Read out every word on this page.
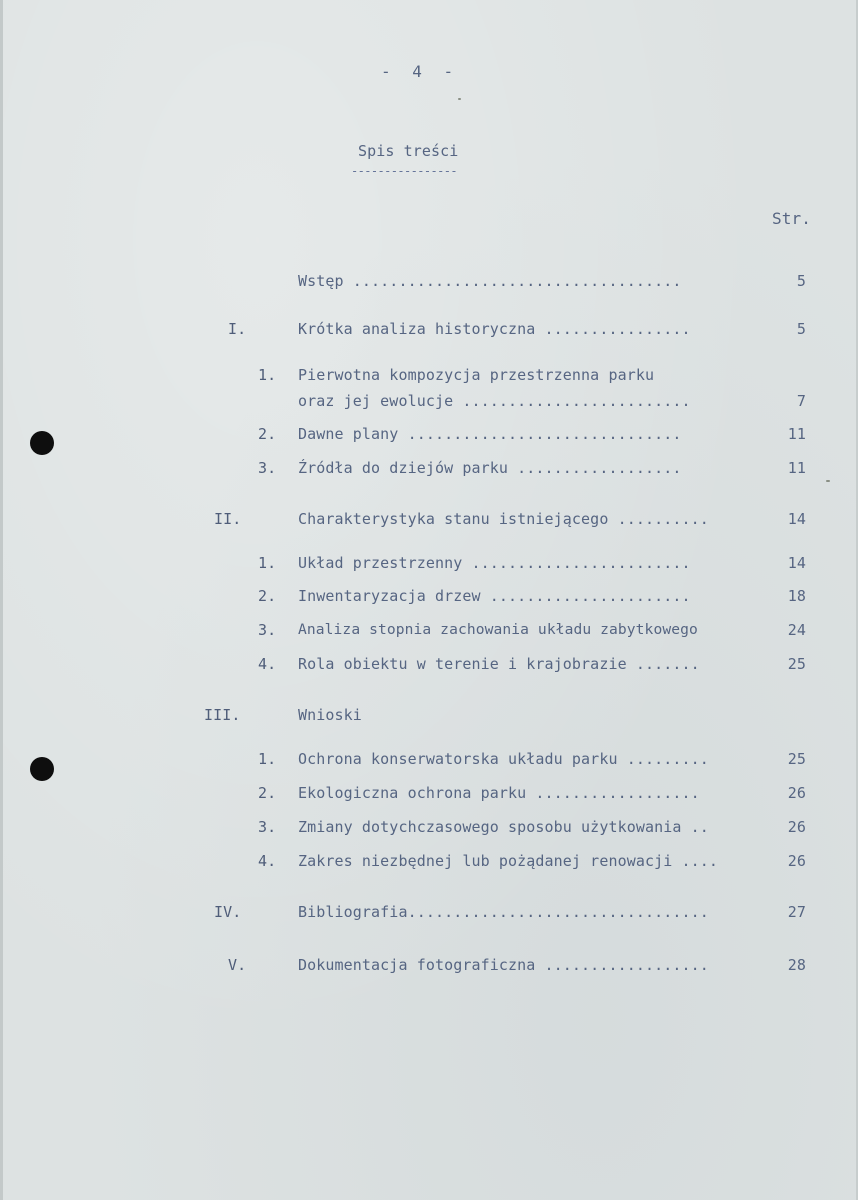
- 4 -
Spis treści
----------------
Str.
Wstęp ....................................	5
I.	Krótka analiza historyczna ................	5
1. Pierwotna kompozycja przestrzenna parku
oraz jej ewolucje .........................	7
2. Dawne plany ..............................	11
3. Źródła do dziejów parku ..................	11
II.	Charakterystyka stanu istniejącego ..........	14
1. Układ przestrzenny ........................	14
2. Inwentaryzacja drzew ......................	18
3. Analiza stopnia zachowania układu zabytkowego	24
4. Rola obiektu w terenie i krajobrazie .......	25
III.	Wnioski
1. Ochrona konserwatorska układu parku .........	25
2. Ekologiczna ochrona parku ..................	26
3. Zmiany dotychczasowego sposobu użytkowania ..	26
4. Zakres niezbędnej lub pożądanej renowacji ....	26
IV.	Bibliografia.................................	27
V.	Dokumentacja fotograficzna ..................	28
